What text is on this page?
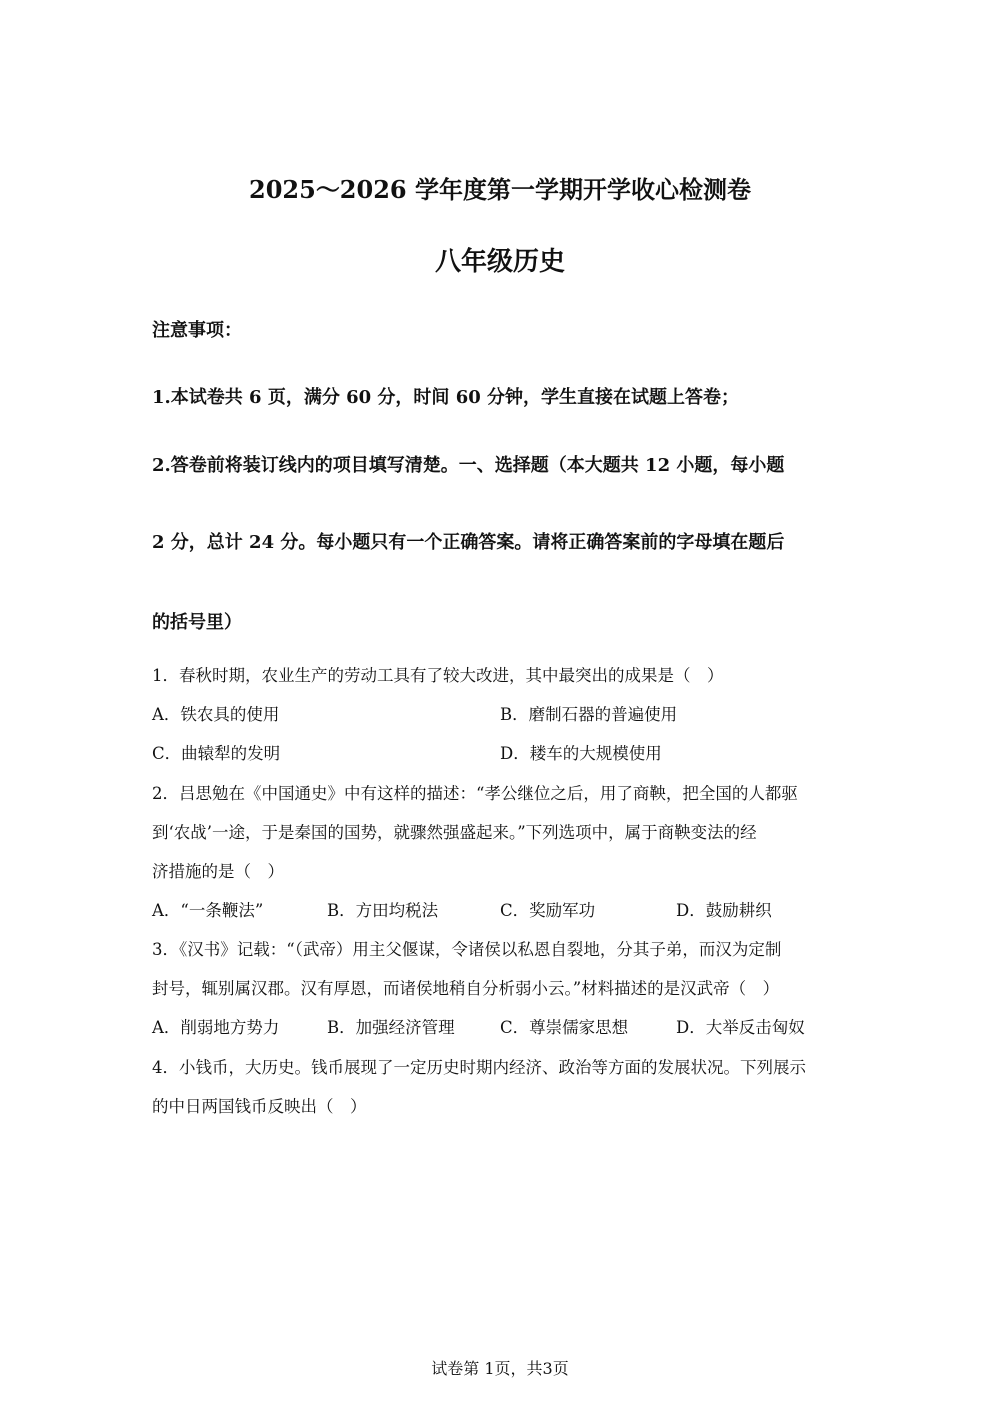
2025～2026 学年度第一学期开学收心检测卷
八年级历史
注意事项：
1.本试卷共 6 页，满分 60 分，时间 60 分钟，学生直接在试题上答卷；
2.答卷前将装订线内的项目填写清楚。一、选择题（本大题共 12 小题，每小题
2 分，总计 24 分。每小题只有一个正确答案。请将正确答案前的字母填在题后
的括号里）
1．春秋时期，农业生产的劳动工具有了较大改进，其中最突出的成果是（　）
A．铁农具的使用	B．磨制石器的普遍使用
C．曲辕犁的发明	D．耧车的大规模使用
2．吕思勉在《中国通史》中有这样的描述：“孝公继位之后，用了商鞅，把全国的人都驱
到‘农战’一途，于是秦国的国势，就骤然强盛起来。”下列选项中，属于商鞅变法的经
济措施的是（　）
A．“一条鞭法”	B．方田均税法	C．奖励军功	D．鼓励耕织
3．《汉书》记载：“（武帝）用主父偃谋，令诸侯以私恩自裂地，分其子弟，而汉为定制
封号，辄别属汉郡。汉有厚恩，而诸侯地稍自分析弱小云。”材料描述的是汉武帝（　）
A．削弱地方势力	B．加强经济管理	C．尊崇儒家思想	D．大举反击匈奴
4．小钱币，大历史。钱币展现了一定历史时期内经济、政治等方面的发展状况。下列展示
的中日两国钱币反映出（　）
试卷第 1页，共3页
